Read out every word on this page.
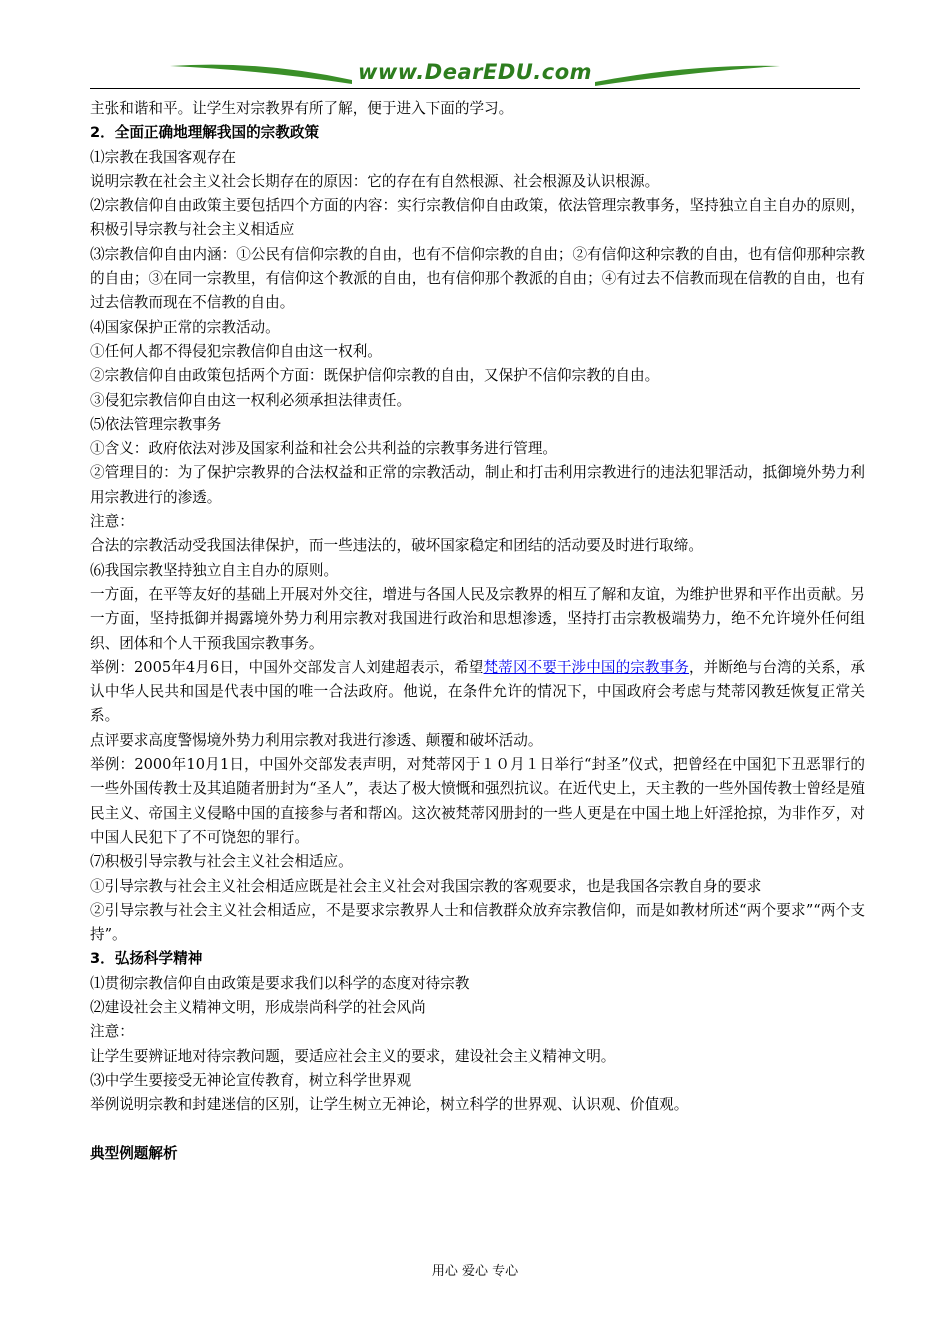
www.DearEDU.com

主张和谐和平。让学生对宗教界有所了解，便于进入下面的学习。

2．全面正确地理解我国的宗教政策

⑴宗教在我国客观存在

说明宗教在社会主义社会长期存在的原因：它的存在有自然根源、社会根源及认识根源。

⑵宗教信仰自由政策主要包括四个方面的内容：实行宗教信仰自由政策，依法管理宗教事务，坚持独立自主自办的原则，积极引导宗教与社会主义相适应

⑶宗教信仰自由内涵：①公民有信仰宗教的自由，也有不信仰宗教的自由；②有信仰这种宗教的自由，也有信仰那种宗教的自由；③在同一宗教里，有信仰这个教派的自由，也有信仰那个教派的自由；④有过去不信教而现在信教的自由，也有过去信教而现在不信教的自由。

⑷国家保护正常的宗教活动。

①任何人都不得侵犯宗教信仰自由这一权利。

②宗教信仰自由政策包括两个方面：既保护信仰宗教的自由，又保护不信仰宗教的自由。

③侵犯宗教信仰自由这一权利必须承担法律责任。

⑸依法管理宗教事务

①含义：政府依法对涉及国家利益和社会公共利益的宗教事务进行管理。

②管理目的：为了保护宗教界的合法权益和正常的宗教活动，制止和打击利用宗教进行的违法犯罪活动，抵御境外势力利用宗教进行的渗透。

注意：

合法的宗教活动受我国法律保护，而一些违法的，破坏国家稳定和团结的活动要及时进行取缔。

⑹我国宗教坚持独立自主自办的原则。

一方面，在平等友好的基础上开展对外交往，增进与各国人民及宗教界的相互了解和友谊，为维护世界和平作出贡献。另一方面，坚持抵御并揭露境外势力利用宗教对我国进行政治和思想渗透，坚持打击宗教极端势力，绝不允许境外任何组织、团体和个人干预我国宗教事务。

举例：2005年4月6日，中国外交部发言人刘建超表示，希望梵蒂冈不要干涉中国的宗教事务，并断绝与台湾的关系，承认中华人民共和国是代表中国的唯一合法政府。他说，在条件允许的情况下，中国政府会考虑与梵蒂冈教廷恢复正常关系。

点评要求高度警惕境外势力利用宗教对我进行渗透、颠覆和破坏活动。

举例：2000年10月1日，中国外交部发表声明，对梵蒂冈于１０月１日举行“封圣”仪式，把曾经在中国犯下丑恶罪行的一些外国传教士及其追随者册封为“圣人”，表达了极大愤慨和强烈抗议。在近代史上，天主教的一些外国传教士曾经是殖民主义、帝国主义侵略中国的直接参与者和帮凶。这次被梵蒂冈册封的一些人更是在中国土地上奸淫抢掠，为非作歹，对中国人民犯下了不可饶恕的罪行。

⑺积极引导宗教与社会主义社会相适应。

①引导宗教与社会主义社会相适应既是社会主义社会对我国宗教的客观要求，也是我国各宗教自身的要求

②引导宗教与社会主义社会相适应，不是要求宗教界人士和信教群众放弃宗教信仰，而是如教材所述“两个要求”“两个支持”。

3．弘扬科学精神

⑴贯彻宗教信仰自由政策是要求我们以科学的态度对待宗教

⑵建设社会主义精神文明，形成崇尚科学的社会风尚

注意：

让学生要辨证地对待宗教问题，要适应社会主义的要求，建设社会主义精神文明。

⑶中学生要接受无神论宣传教育，树立科学世界观

举例说明宗教和封建迷信的区别，让学生树立无神论，树立科学的世界观、认识观、价值观。

典型例题解析

用心 爱心 专心
